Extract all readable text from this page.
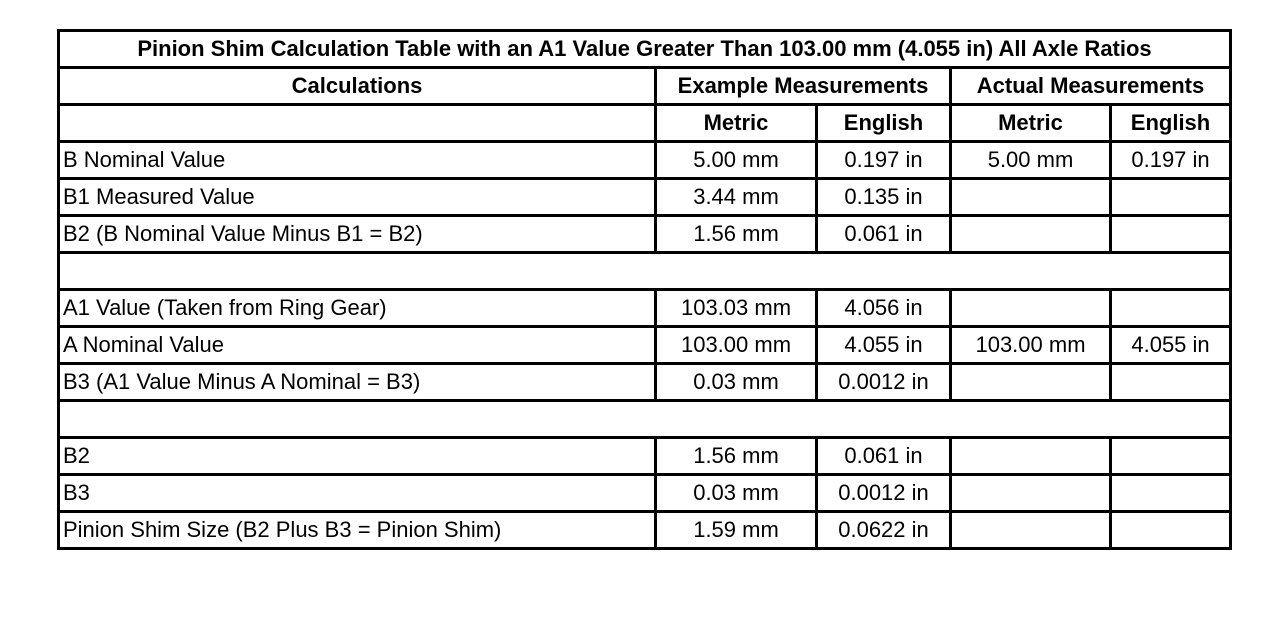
Pinion Shim Calculation Table with an A1 Value Greater Than 103.00 mm (4.055 in) All Axle Ratios				
Calculations	Example Measurements		Actual Measurements	
	Metric	English	Metric	English
B Nominal Value	5.00 mm	0.197 in	5.00 mm	0.197 in
B1 Measured Value	3.44 mm	0.135 in		
B2 (B Nominal Value Minus B1 = B2)	1.56 mm	0.061 in		

A1 Value (Taken from Ring Gear)	103.03 mm	4.056 in		
A Nominal Value	103.00 mm	4.055 in	103.00 mm	4.055 in
B3 (A1 Value Minus A Nominal = B3)	0.03 mm	0.0012 in		

B2	1.56 mm	0.061 in		
B3	0.03 mm	0.0012 in		
Pinion Shim Size (B2 Plus B3 = Pinion Shim)	1.59 mm	0.0622 in		
